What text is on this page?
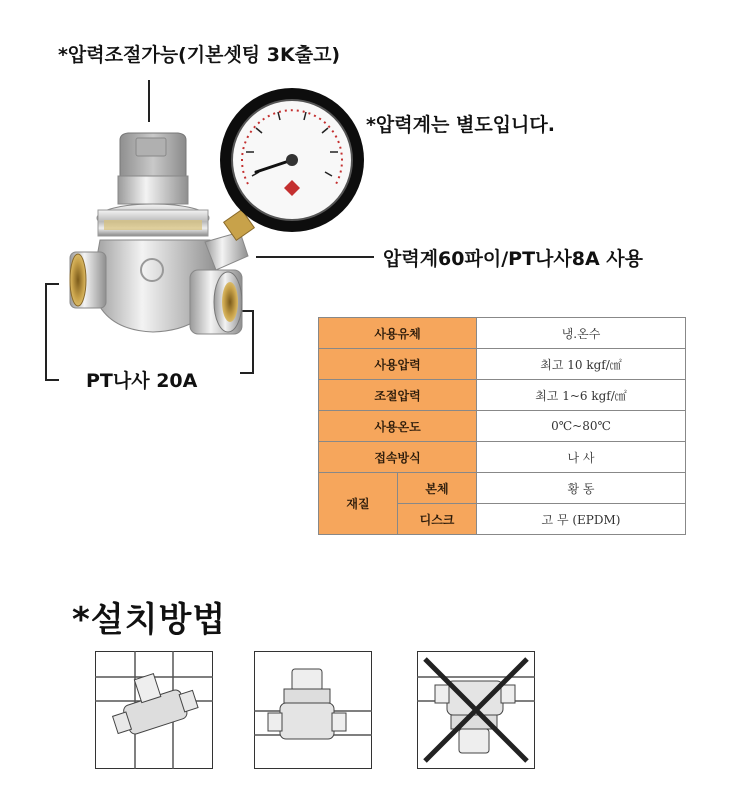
*압력조절가능(기본셋팅 3K출고)
*압력계는 별도입니다.
압력계60파이/PT나사8A 사용
PT나사 20A
사용유체		냉.온수
사용압력		최고 10 kgf/㎠
조절압력		최고 1~6 kgf/㎠
사용온도		0℃~80℃
접속방식		나 사
재질	본체	황 동
	디스크	고 무 (EPDM)
*설치방법
